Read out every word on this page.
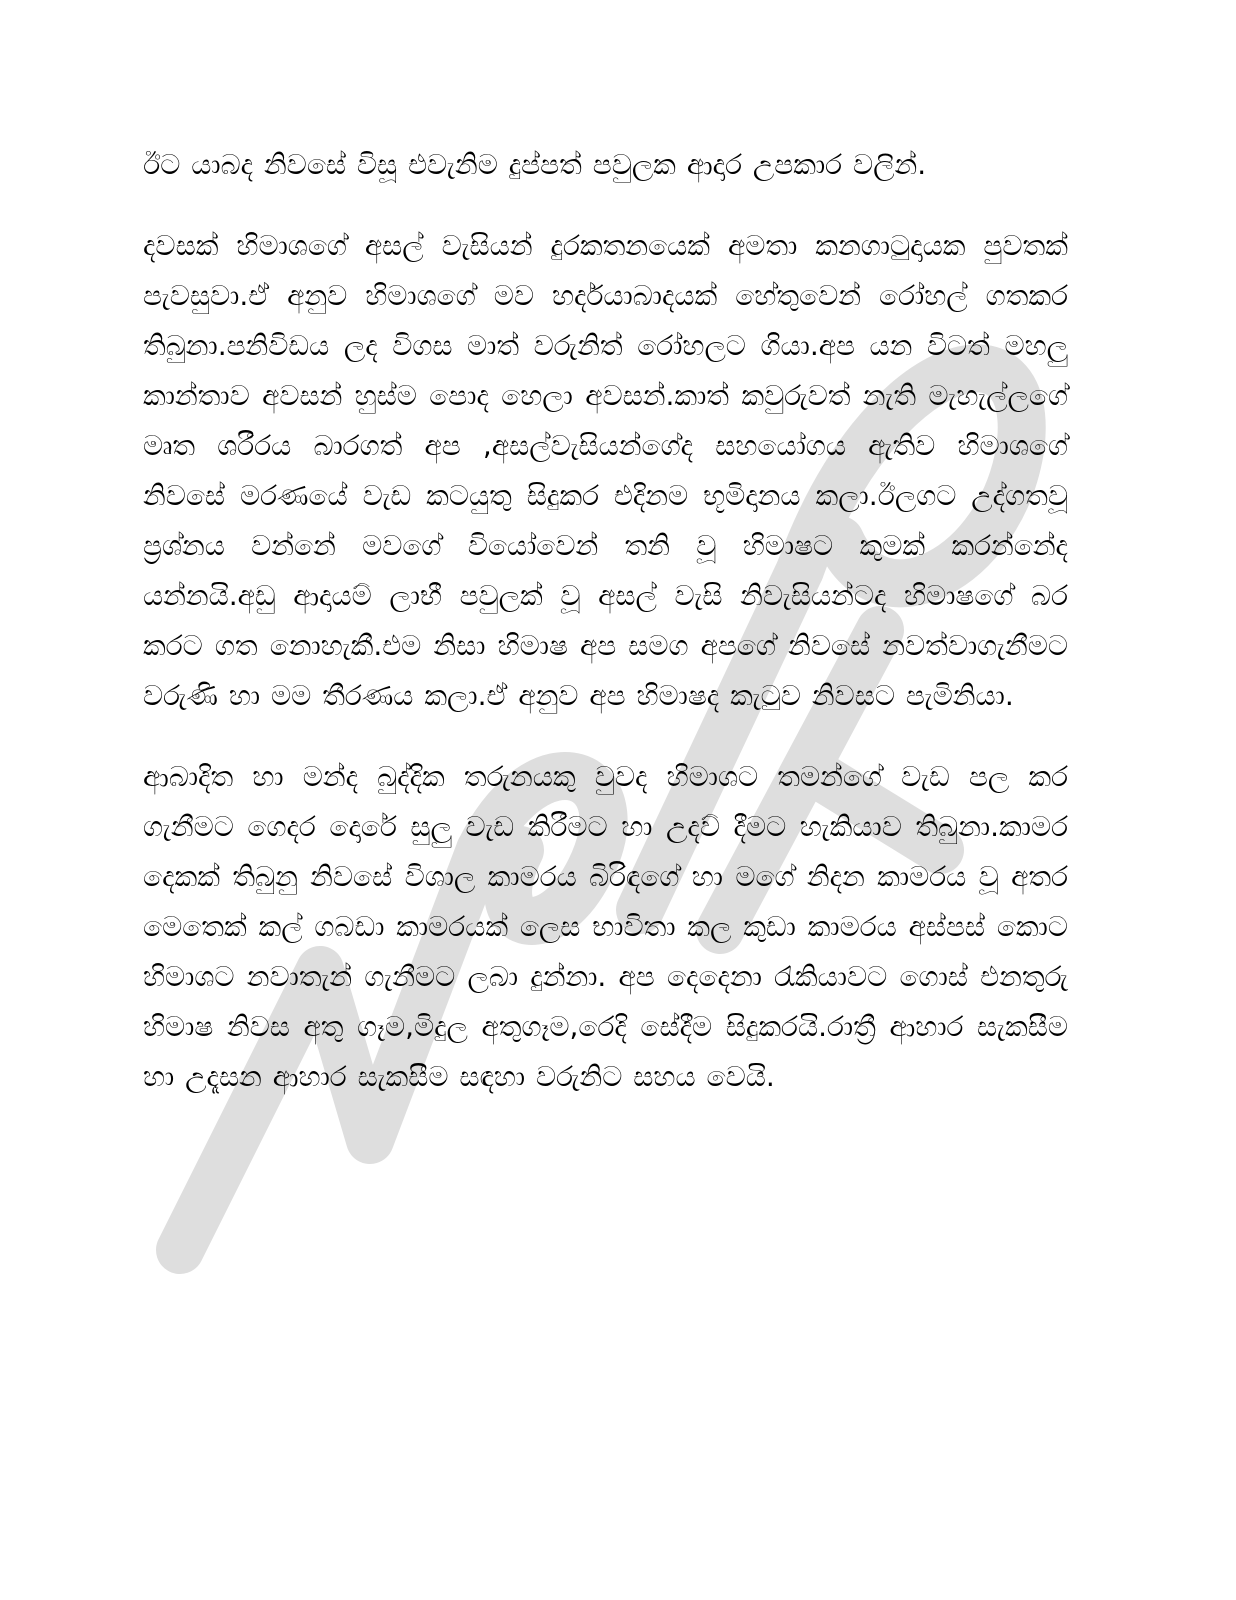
ඊට යාබද නිවසේ විසූ එවැනිම දුප්පත් පවුලක ආදාර උපකාර වලින්.

දවසක් හිමාශගේ අසල් වැසියන් දුරකතනයෙක් අමතා කනගාටුදායක පුවතක් පැවසුවා.ඒ අනුව හිමාශගේ මව හර්දයාබාදයක් හේතුවෙන් රෝහල් ගතකර තිබුනා.පනිවිඩය ලද විගස මාත් වරුනිත් රෝහලට ගියා.අප යන විටත් මහලු කාන්තාව අවසන් හුස්ම පොද හෙලා අවසන්.කාත් කවුරුවත් නැති මැහැල්ලගේ මෘත ශරීරය බාරගත් අප ,අසල්වැසියන්ගේද සහයෝගය ඇතිව හිමාශගේ නිවසේ මරණයේ වැඩ කටයුතු සිදුකර එදිනම භූමිදානය කලා.ඊලගට උද්ගතවූ ප්‍රශ්නය වන්නේ මවගේ වියෝවෙන් තනි වූ හිමාෂට කුමක් කරන්නේද යන්නයි.අඩු ආදායම් ලාභී පවුලක් වූ අසල් වැසි නිවැසියන්ටද හිමාෂගේ බර කරට ගත නොහැකී.එම නිසා හිමාෂ අප සමග අපගේ නිවසේ නවත්වාගැනීමට වරුණි හා මම තීරණය කලා.ඒ අනුව අප හිමාෂද කැටුව නිවසට පැමිනියා.

ආබාදිත හා මන්ද බුද්දික තරුනයකු වුවද හිමාශට තමන්ගේ වැඩ පල කර ගැනීමට ගෙදර දොරේ සුලු වැඩ කිරීමට හා උදව් දීමට හැකියාව තිබුනා.කාමර දෙකක් තිබුනු නිවසේ විශාල කාමරය බිරිඳගේ හා මගේ නිදන කාමරය වූ අතර මෙතෙක් කල් ගබඩා කාමරයක් ලෙස භාවිතා කල කුඩා කාමරය අස්පස් කොට හිමාශට නවාතැන් ගැනීමට ලබා දුන්නා. අප දෙදෙනා රැකියාවට ගොස් එනතුරු හිමාෂ නිවස අතු ගෑම,මිදුල අතුගෑම,රෙදි සේදීම සිදුකරයි.රාත්‍රී ආහාර සැකසීම හා උදෑසන ආහාර සැකසීම සඳහා වරුනිට සහය වෙයි.
